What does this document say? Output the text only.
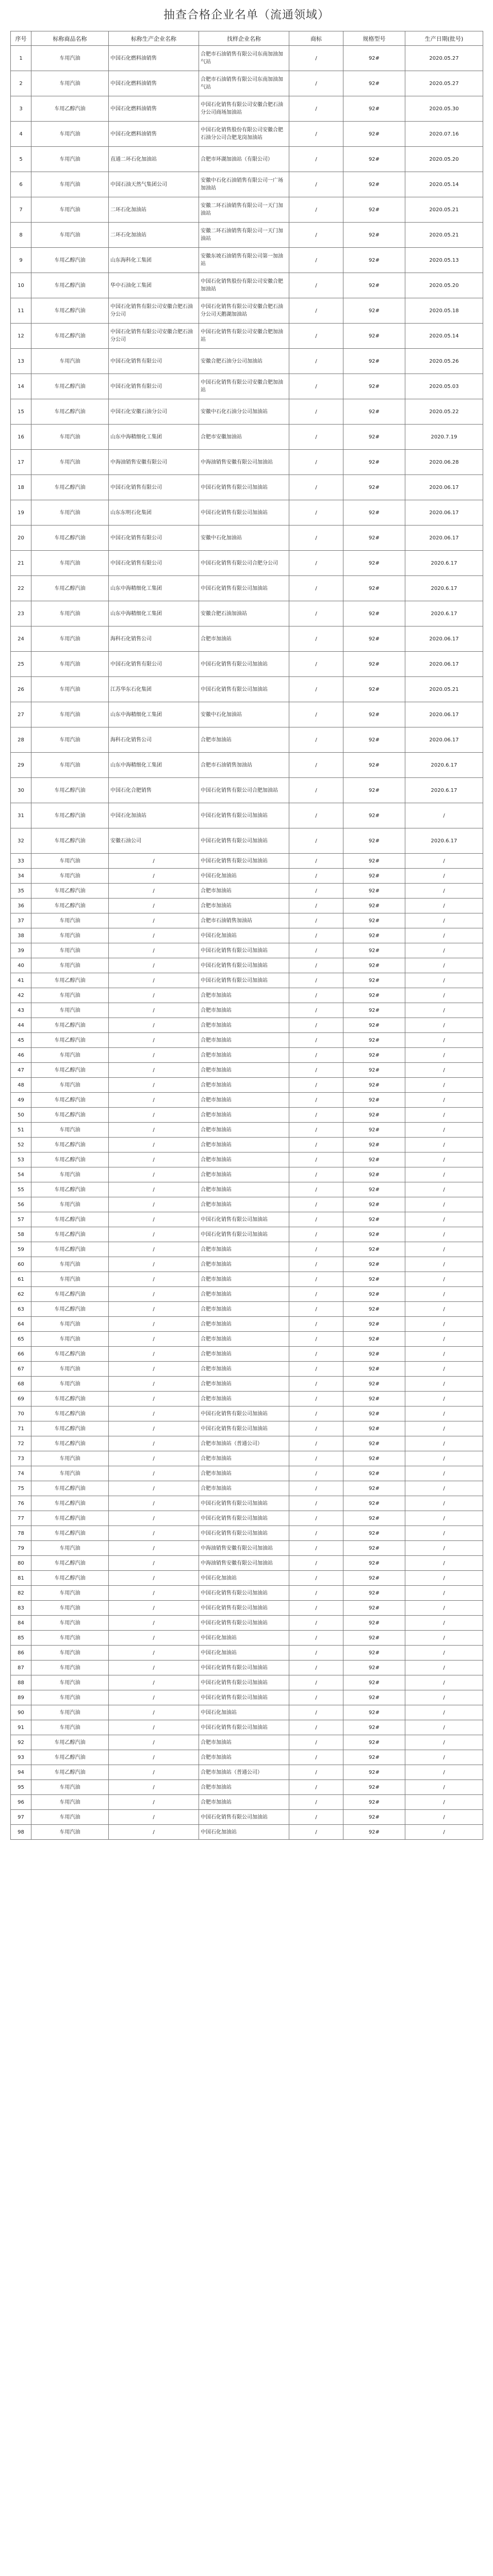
抽查合格企业名单（流通领域）
序号	标称商品名称	标称生产企业名称	找样企业名称	商标	规格型号	生产日期(批号)
1	车用汽油	中国石化燃料油销售	合肥市石油销售有限公司东南加油加气站	/	92#	2020.05.27
2	车用汽油	中国石化燃料油销售	合肥市石油销售有限公司东南加油加气站	/	92#	2020.05.27
3	车用乙醇汽油	中国石化燃料油销售	中国石化销售有限公司安徽合肥石油分公司商场加油站	/	92#	2020.05.30
4	车用汽油	中国石化燃料油销售	中国石化销售股份有限公司安徽合肥石油分公司合肥龙岗加油站	/	92#	2020.07.16
5	车用汽油	直通二环石化加油站	合肥市环湖加油站（有限公司）	/	92#	2020.05.20
6	车用汽油	中国石油天然气集团公司	安徽中石化石油销售有限公司一广场加油站	/	92#	2020.05.14
7	车用汽油	二环石化加油站	安徽二环石油销售有限公司一天门加油站	/	92#	2020.05.21
8	车用汽油	二环石化加油站	安徽二环石油销售有限公司一天门加油站	/	92#	2020.05.21
9	车用乙醇汽油	山东海科化工集团	安徽东坡石油销售有限公司第一加油站	/	92#	2020.05.13
10	车用乙醇汽油	华中石油化工集团	中国石化销售股份有限公司安徽合肥加油站	/	92#	2020.05.20
11	车用乙醇汽油	中国石化销售有限公司安徽合肥石油分公司	中国石化销售有限公司安徽合肥石油分公司天鹅湖加油站	/	92#	2020.05.18
12	车用乙醇汽油	中国石化销售有限公司安徽合肥石油分公司	中国石化销售有限公司安徽合肥加油站	/	92#	2020.05.14
13	车用汽油	中国石化销售有限公司	安徽合肥石油分公司加油站	/	92#	2020.05.26
14	车用乙醇汽油	中国石化销售有限公司	中国石化销售有限公司安徽合肥加油站	/	92#	2020.05.03
15	车用乙醇汽油	中国石化安徽石油分公司	安徽中石化石油分公司加油站	/	92#	2020.05.22
16	车用汽油	山东中海精细化工集团	合肥市安徽加油站	/	92#	2020.7.19
17	车用汽油	中海油销售安徽有限公司	中海油销售安徽有限公司加油站	/	92#	2020.06.28
18	车用乙醇汽油	中国石化销售有限公司	中国石化销售有限公司加油站	/	92#	2020.06.17
19	车用汽油	山东东明石化集团	中国石化销售有限公司加油站	/	92#	2020.06.17
20	车用乙醇汽油	中国石化销售有限公司	安徽中石化加油站	/	92#	2020.06.17
21	车用汽油	中国石化销售有限公司	中国石化销售有限公司合肥分公司	/	92#	2020.6.17
22	车用乙醇汽油	山东中海精细化工集团	中国石化销售有限公司加油站	/	92#	2020.6.17
23	车用汽油	山东中海精细化工集团	安徽合肥石油加油站	/	92#	2020.6.17
24	车用汽油	海科石化销售公司	合肥市加油站	/	92#	2020.06.17
25	车用汽油	中国石化销售有限公司	中国石化销售有限公司加油站	/	92#	2020.06.17
26	车用汽油	江苏华东石化集团	中国石化销售有限公司加油站	/	92#	2020.05.21
27	车用汽油	山东中海精细化工集团	安徽中石化加油站	/	92#	2020.06.17
28	车用汽油	海科石化销售公司	合肥市加油站	/	92#	2020.06.17
29	车用汽油	山东中海精细化工集团	合肥市石油销售加油站	/	92#	2020.6.17
30	车用乙醇汽油	中国石化合肥销售	中国石化销售有限公司合肥加油站	/	92#	2020.6.17
31	车用乙醇汽油	中国石化加油站	中国石化销售有限公司加油站	/	92#	/
32	车用乙醇汽油	安徽石油公司	中国石化销售有限公司加油站	/	92#	2020.6.17
33	车用汽油	/	中国石化销售有限公司加油站	/	92#	/
34	车用汽油	/	中国石化加油站	/	92#	/
35	车用乙醇汽油	/	合肥市加油站	/	92#	/
36	车用乙醇汽油	/	合肥市加油站	/	92#	/
37	车用汽油	/	合肥市石油销售加油站	/	92#	/
38	车用汽油	/	中国石化加油站	/	92#	/
39	车用汽油	/	中国石化销售有限公司加油站	/	92#	/
40	车用汽油	/	中国石化销售有限公司加油站	/	92#	/
41	车用乙醇汽油	/	中国石化销售有限公司加油站	/	92#	/
42	车用汽油	/	合肥市加油站	/	92#	/
43	车用汽油	/	合肥市加油站	/	92#	/
44	车用乙醇汽油	/	合肥市加油站	/	92#	/
45	车用乙醇汽油	/	合肥市加油站	/	92#	/
46	车用汽油	/	合肥市加油站	/	92#	/
47	车用乙醇汽油	/	合肥市加油站	/	92#	/
48	车用汽油	/	合肥市加油站	/	92#	/
49	车用乙醇汽油	/	合肥市加油站	/	92#	/
50	车用乙醇汽油	/	合肥市加油站	/	92#	/
51	车用汽油	/	合肥市加油站	/	92#	/
52	车用乙醇汽油	/	合肥市加油站	/	92#	/
53	车用乙醇汽油	/	合肥市加油站	/	92#	/
54	车用汽油	/	合肥市加油站	/	92#	/
55	车用乙醇汽油	/	合肥市加油站	/	92#	/
56	车用汽油	/	合肥市加油站	/	92#	/
57	车用乙醇汽油	/	中国石化销售有限公司加油站	/	92#	/
58	车用乙醇汽油	/	中国石化销售有限公司加油站	/	92#	/
59	车用乙醇汽油	/	合肥市加油站	/	92#	/
60	车用汽油	/	合肥市加油站	/	92#	/
61	车用汽油	/	合肥市加油站	/	92#	/
62	车用乙醇汽油	/	合肥市加油站	/	92#	/
63	车用乙醇汽油	/	合肥市加油站	/	92#	/
64	车用汽油	/	合肥市加油站	/	92#	/
65	车用汽油	/	合肥市加油站	/	92#	/
66	车用乙醇汽油	/	合肥市加油站	/	92#	/
67	车用汽油	/	合肥市加油站	/	92#	/
68	车用汽油	/	合肥市加油站	/	92#	/
69	车用乙醇汽油	/	合肥市加油站	/	92#	/
70	车用乙醇汽油	/	中国石化销售有限公司加油站	/	92#	/
71	车用乙醇汽油	/	中国石化销售有限公司加油站	/	92#	/
72	车用乙醇汽油	/	合肥市加油站（普通公司）	/	92#	/
73	车用汽油	/	合肥市加油站	/	92#	/
74	车用汽油	/	合肥市加油站	/	92#	/
75	车用乙醇汽油	/	合肥市加油站	/	92#	/
76	车用乙醇汽油	/	中国石化销售有限公司加油站	/	92#	/
77	车用乙醇汽油	/	中国石化销售有限公司加油站	/	92#	/
78	车用乙醇汽油	/	中国石化销售有限公司加油站	/	92#	/
79	车用汽油	/	中海油销售安徽有限公司加油站	/	92#	/
80	车用乙醇汽油	/	中海油销售安徽有限公司加油站	/	92#	/
81	车用乙醇汽油	/	中国石化加油站	/	92#	/
82	车用汽油	/	中国石化销售有限公司加油站	/	92#	/
83	车用汽油	/	中国石化销售有限公司加油站	/	92#	/
84	车用汽油	/	中国石化销售有限公司加油站	/	92#	/
85	车用汽油	/	中国石化加油站	/	92#	/
86	车用汽油	/	中国石化加油站	/	92#	/
87	车用汽油	/	中国石化销售有限公司加油站	/	92#	/
88	车用汽油	/	中国石化销售有限公司加油站	/	92#	/
89	车用汽油	/	中国石化销售有限公司加油站	/	92#	/
90	车用汽油	/	中国石化加油站	/	92#	/
91	车用汽油	/	中国石化销售有限公司加油站	/	92#	/
92	车用乙醇汽油	/	合肥市加油站	/	92#	/
93	车用乙醇汽油	/	合肥市加油站	/	92#	/
94	车用乙醇汽油	/	合肥市加油站（普通公司）	/	92#	/
95	车用汽油	/	合肥市加油站	/	92#	/
96	车用汽油	/	合肥市加油站	/	92#	/
97	车用汽油	/	中国石化销售有限公司加油站	/	92#	/
98	车用汽油	/	中国石化加油站	/	92#	/
